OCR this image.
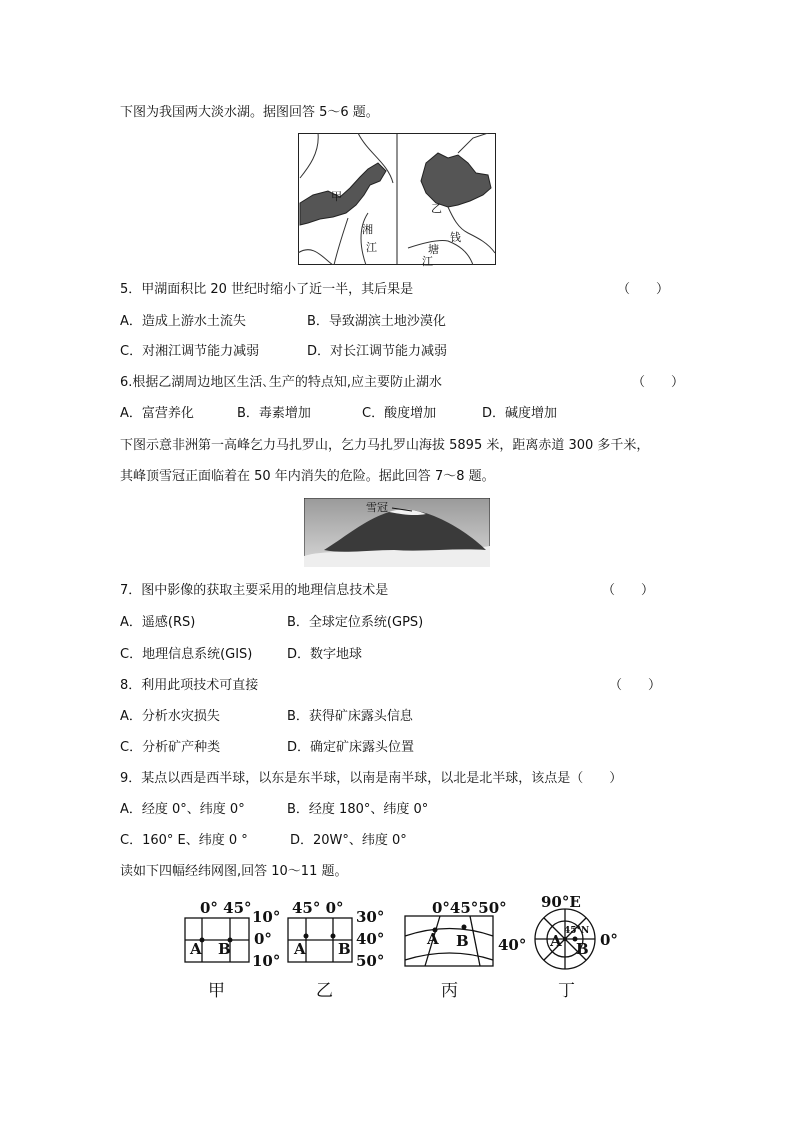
下图为我国两大淡水湖。据图回答 5～6 题。
甲
湘
江
乙
钱
塘
江
5．甲湖面积比 20 世纪时缩小了近一半，其后果是	（　　）
A．造成上游水土流失	B．导致湖滨土地沙漠化
C．对湘江调节能力减弱	D．对长江调节能力减弱
6.根据乙湖周边地区生活､生产的特点知,应主要防止湖水	（　　）
A．富营养化	B．毒素增加	C．酸度增加	D．碱度增加
下图示意非洲第一高峰乞力马扎罗山，乞力马扎罗山海拔 5895 米，距离赤道 300 多千米，
其峰顶雪冠正面临着在 50 年内消失的危险。据此回答 7～8 题。
雪冠
7．图中影像的获取主要采用的地理信息技术是	（　　）
A．遥感(RS)	B．全球定位系统(GPS)
C．地理信息系统(GIS)	D．数字地球
8．利用此项技术可直接	（　　）
A．分析水灾损失	B．获得矿床露头信息
C．分析矿产种类	D．确定矿床露头位置
9．某点以西是西半球，以东是东半球，以南是南半球，以北是北半球，该点是（　　）
A．经度 0°、纬度 0°	B．经度 180°、纬度 0°
C．160° E、纬度 0 °	D．20W°、纬度 0°
读如下四幅经纬网图,回答 10～11 题。
0° 45° 10°
0°
10°
A B
甲
45° 0° 30°
40°
50°
A B
乙
0°45°50°
40°
A B
丙
90°E
45°N 0°
A B
丁
